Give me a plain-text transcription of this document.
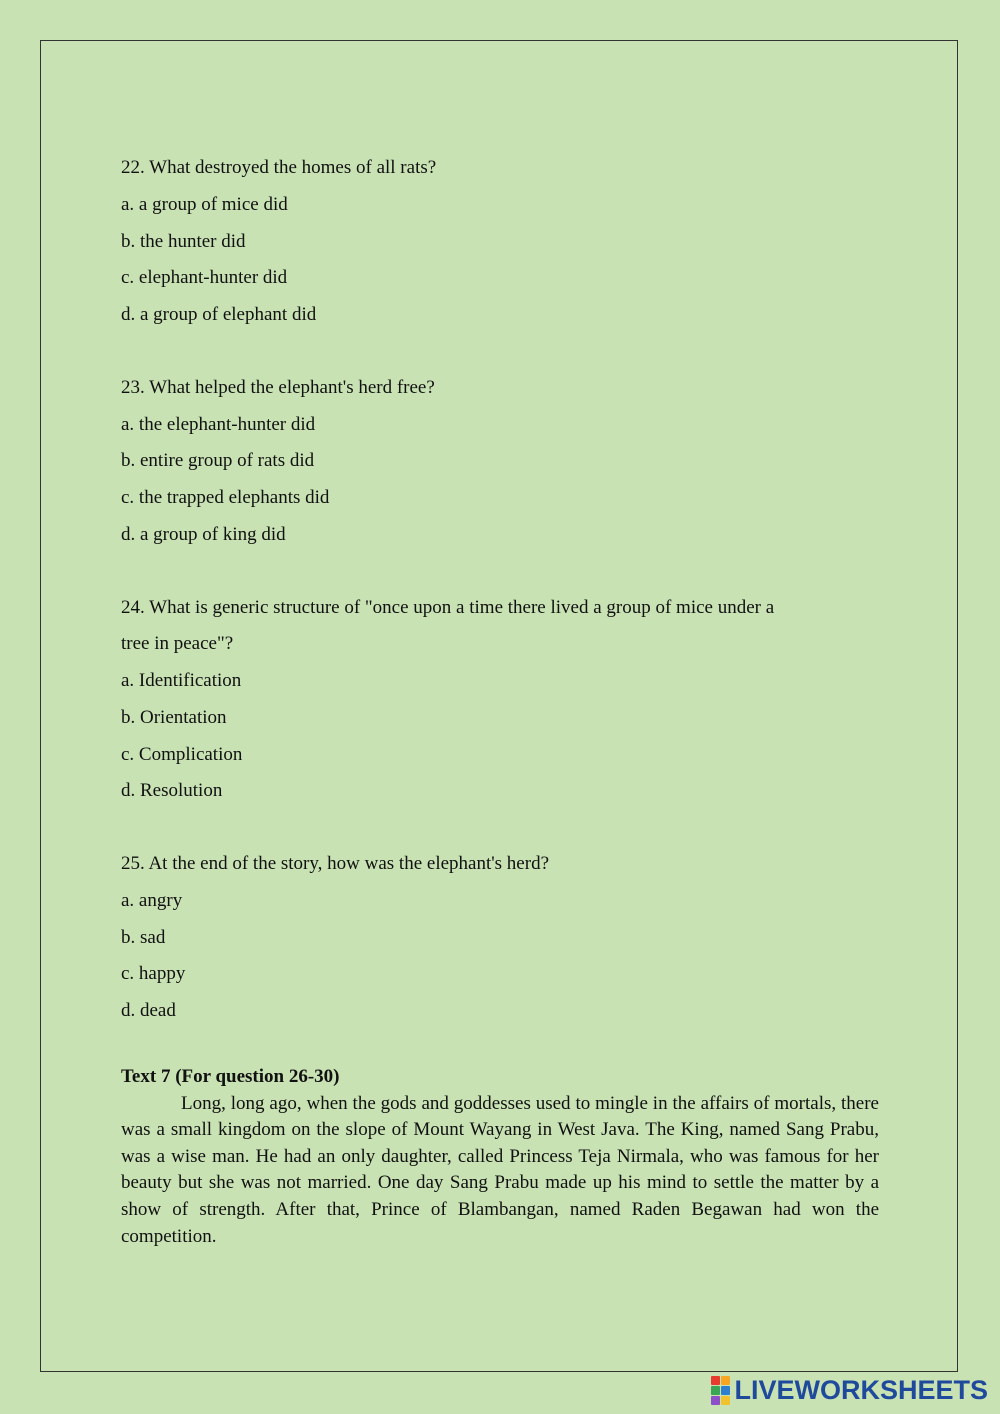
22. What destroyed the homes of all rats?
a. a group of mice did
b. the hunter did
c. elephant-hunter did
d. a group of elephant did
23. What helped the elephant's herd free?
a. the elephant-hunter did
b. entire group of rats did
c. the trapped elephants did
d. a group of king did
24. What is generic structure of "once upon a time there lived a group of mice under a
tree in peace"?
a. Identification
b. Orientation
c. Complication
d. Resolution
25. At the end of the story, how was the elephant's herd?
a. angry
b. sad
c. happy
d. dead
Text 7 (For question 26-30)

Long, long ago, when the gods and goddesses used to mingle in the affairs of mortals, there was a small kingdom on the slope of Mount Wayang in West Java. The King, named Sang Prabu, was a wise man. He had an only daughter, called Princess Teja Nirmala, who was famous for her beauty but she was not married. One day Sang Prabu made up his mind to settle the matter by a show of strength. After that, Prince of Blambangan, named Raden Begawan had won the competition.

LIVEWORKSHEETS
